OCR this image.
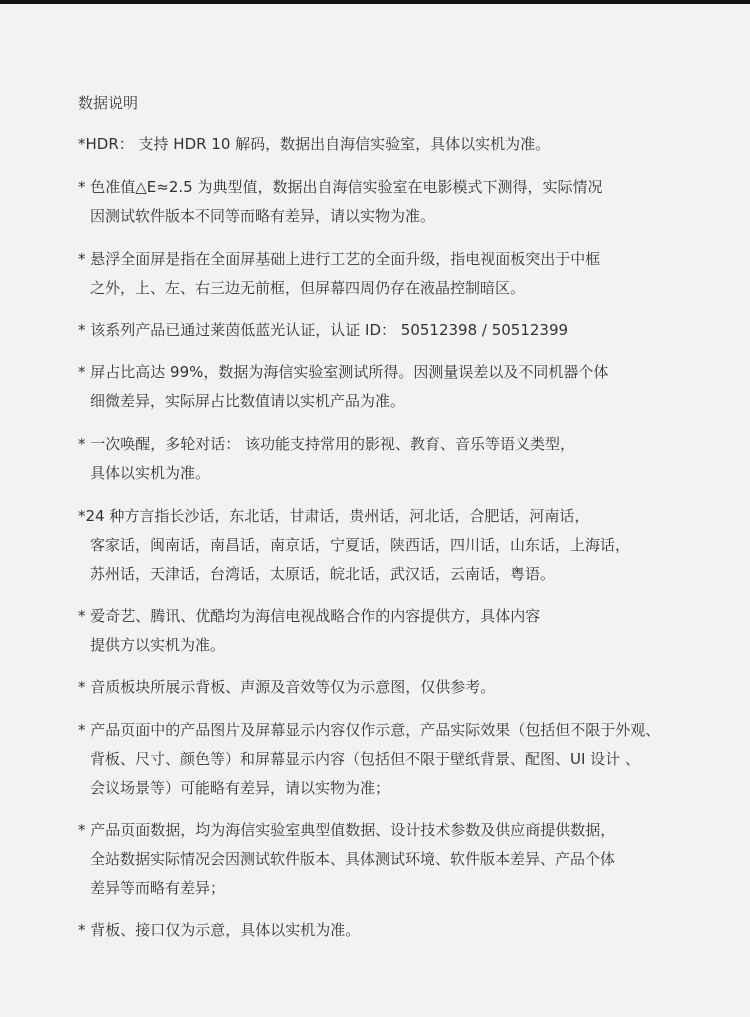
数据说明
*HDR： 支持 HDR 10 解码，数据出自海信实验室，具体以实机为准。
* 色准值△E≈2.5 为典型值，数据出自海信实验室在电影模式下测得，实际情况
因测试软件版本不同等而略有差异，请以实物为准。
* 悬浮全面屏是指在全面屏基础上进行工艺的全面升级，指电视面板突出于中框
之外，上、左、右三边无前框，但屏幕四周仍存在液晶控制暗区。
* 该系列产品已通过莱茵低蓝光认证，认证 ID： 50512398 / 50512399
* 屏占比高达 99%，数据为海信实验室测试所得。因测量误差以及不同机器个体
细微差异，实际屏占比数值请以实机产品为准。
* 一次唤醒，多轮对话： 该功能支持常用的影视、教育、音乐等语义类型，
具体以实机为准。
*24 种方言指长沙话，东北话，甘肃话，贵州话，河北话，合肥话，河南话，
客家话，闽南话，南昌话，南京话，宁夏话，陕西话，四川话，山东话，上海话，
苏州话，天津话，台湾话，太原话，皖北话，武汉话，云南话，粤语。
* 爱奇艺、腾讯、优酷均为海信电视战略合作的内容提供方，具体内容
提供方以实机为准。
* 音质板块所展示背板、声源及音效等仅为示意图，仅供参考。
* 产品页面中的产品图片及屏幕显示内容仅作示意，产品实际效果（包括但不限于外观、
背板、尺寸、颜色等）和屏幕显示内容（包括但不限于壁纸背景、配图、UI 设计 、
会议场景等）可能略有差异，请以实物为准；
* 产品页面数据，均为海信实验室典型值数据、设计技术参数及供应商提供数据，
全站数据实际情况会因测试软件版本、具体测试环境、软件版本差异、产品个体
差异等而略有差异；
* 背板、接口仅为示意，具体以实机为准。
